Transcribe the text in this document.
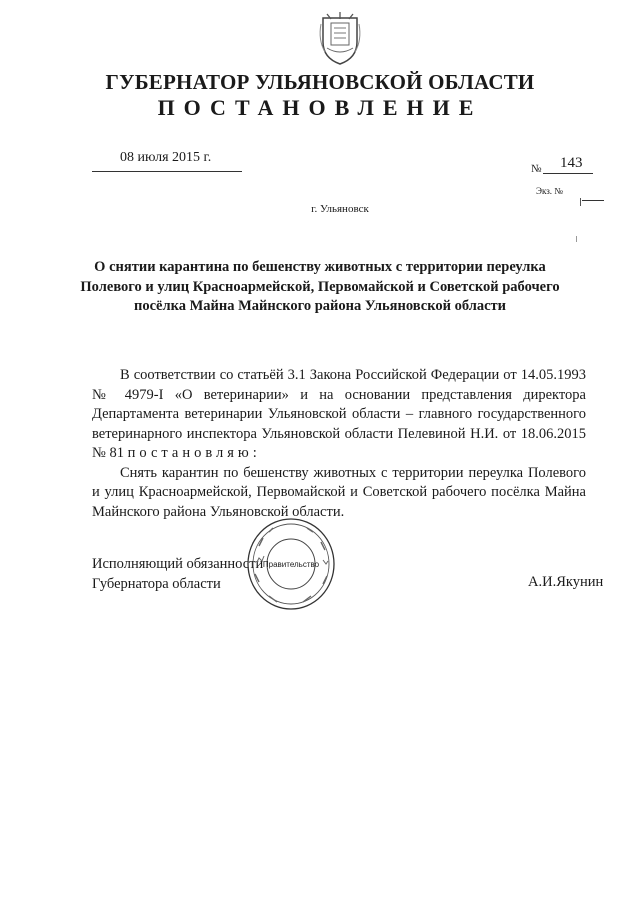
ГУБЕРНАТОР УЛЬЯНОВСКОЙ ОБЛАСТИ
ПОСТАНОВЛЕНИЕ
08 июля 2015 г.
№ 143
Экз. №
г. Ульяновск
О снятии карантина по бешенству животных с территории переулка Полевого и улиц Красноармейской, Первомайской и Советской рабочего посёлка Майна Майнского района Ульяновской области

В соответствии со статьёй 3.1 Закона Российской Федерации от 14.05.1993 № 4979-I «О ветеринарии» и на основании представления директора Департамента ветеринарии Ульяновской области – главного государственного ветеринарного инспектора Ульяновской области Пелевиной Н.И. от 18.06.2015 № 81 постановляю:

Снять карантин по бешенству животных с территории переулка Полевого и улиц Красноармейской, Первомайской и Советской рабочего посёлка Майна Майнского района Ульяновской области.

Исполняющий обязанности
Губернатора области	А.И.Якунин
Правительство
